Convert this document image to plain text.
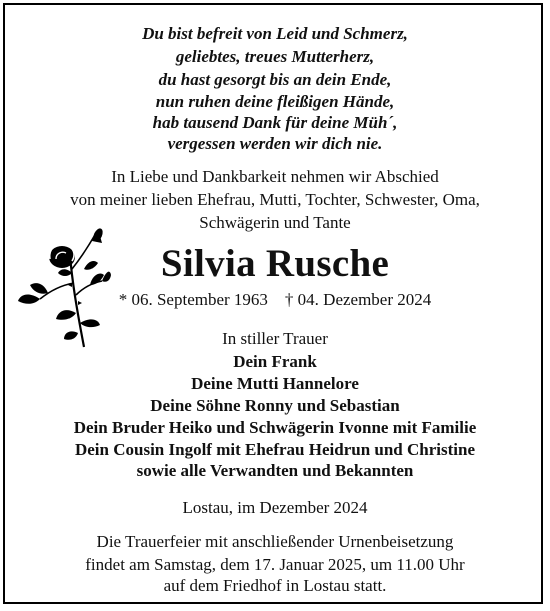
Du bist befreit von Leid und Schmerz,
geliebtes, treues Mutterherz,
du hast gesorgt bis an dein Ende,
nun ruhen deine fleißigen Hände,
hab tausend Dank für deine Müh´,
vergessen werden wir dich nie.
In Liebe und Dankbarkeit nehmen wir Abschied
von meiner lieben Ehefrau, Mutti, Tochter, Schwester, Oma,
Schwägerin und Tante
Silvia Rusche
* 06. September 1963    † 04. Dezember 2024
In stiller Trauer
Dein Frank
Deine Mutti Hannelore
Deine Söhne Ronny und Sebastian
Dein Bruder Heiko und Schwägerin Ivonne mit Familie
Dein Cousin Ingolf mit Ehefrau Heidrun und Christine
sowie alle Verwandten und Bekannten
Lostau, im Dezember 2024
Die Trauerfeier mit anschließender Urnenbeisetzung
findet am Samstag, dem 17. Januar 2025, um 11.00 Uhr
auf dem Friedhof in Lostau statt.
